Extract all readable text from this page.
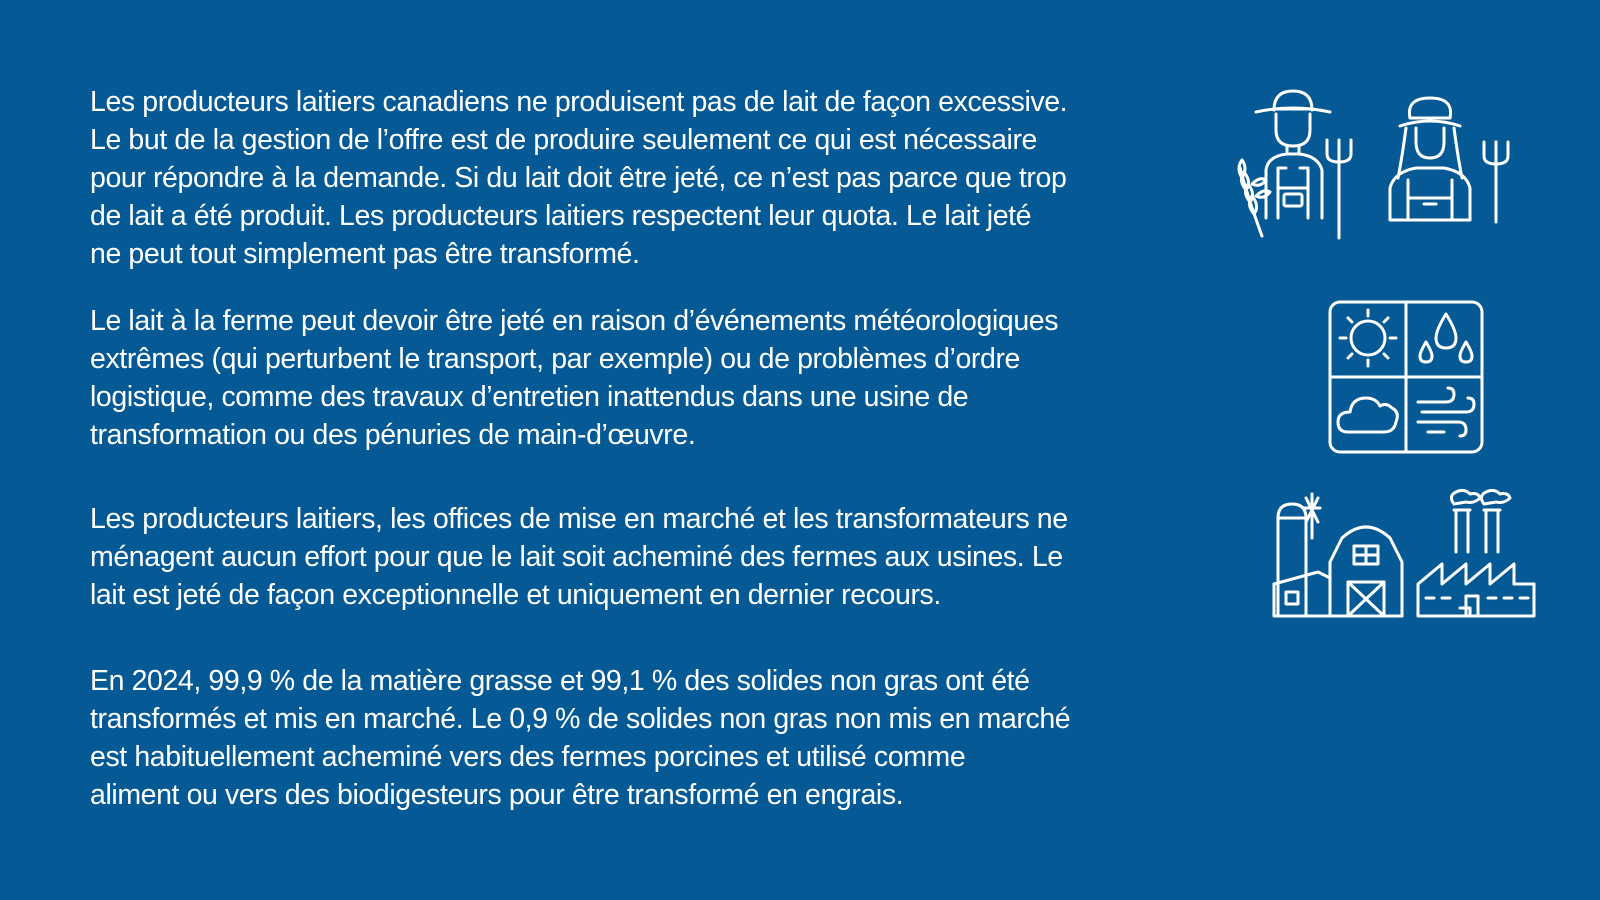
Les producteurs laitiers canadiens ne produisent pas de lait de façon excessive.
Le but de la gestion de l’offre est de produire seulement ce qui est nécessaire
pour répondre à la demande. Si du lait doit être jeté, ce n’est pas parce que trop
de lait a été produit. Les producteurs laitiers respectent leur quota. Le lait jeté
ne peut tout simplement pas être transformé.

Le lait à la ferme peut devoir être jeté en raison d’événements météorologiques
extrêmes (qui perturbent le transport, par exemple) ou de problèmes d’ordre
logistique, comme des travaux d’entretien inattendus dans une usine de
transformation ou des pénuries de main-d’œuvre.

Les producteurs laitiers, les offices de mise en marché et les transformateurs ne
ménagent aucun effort pour que le lait soit acheminé des fermes aux usines. Le
lait est jeté de façon exceptionnelle et uniquement en dernier recours.

En 2024, 99,9 % de la matière grasse et 99,1 % des solides non gras ont été
transformés et mis en marché. Le 0,9 % de solides non gras non mis en marché
est habituellement acheminé vers des fermes porcines et utilisé comme
aliment ou vers des biodigesteurs pour être transformé en engrais.
